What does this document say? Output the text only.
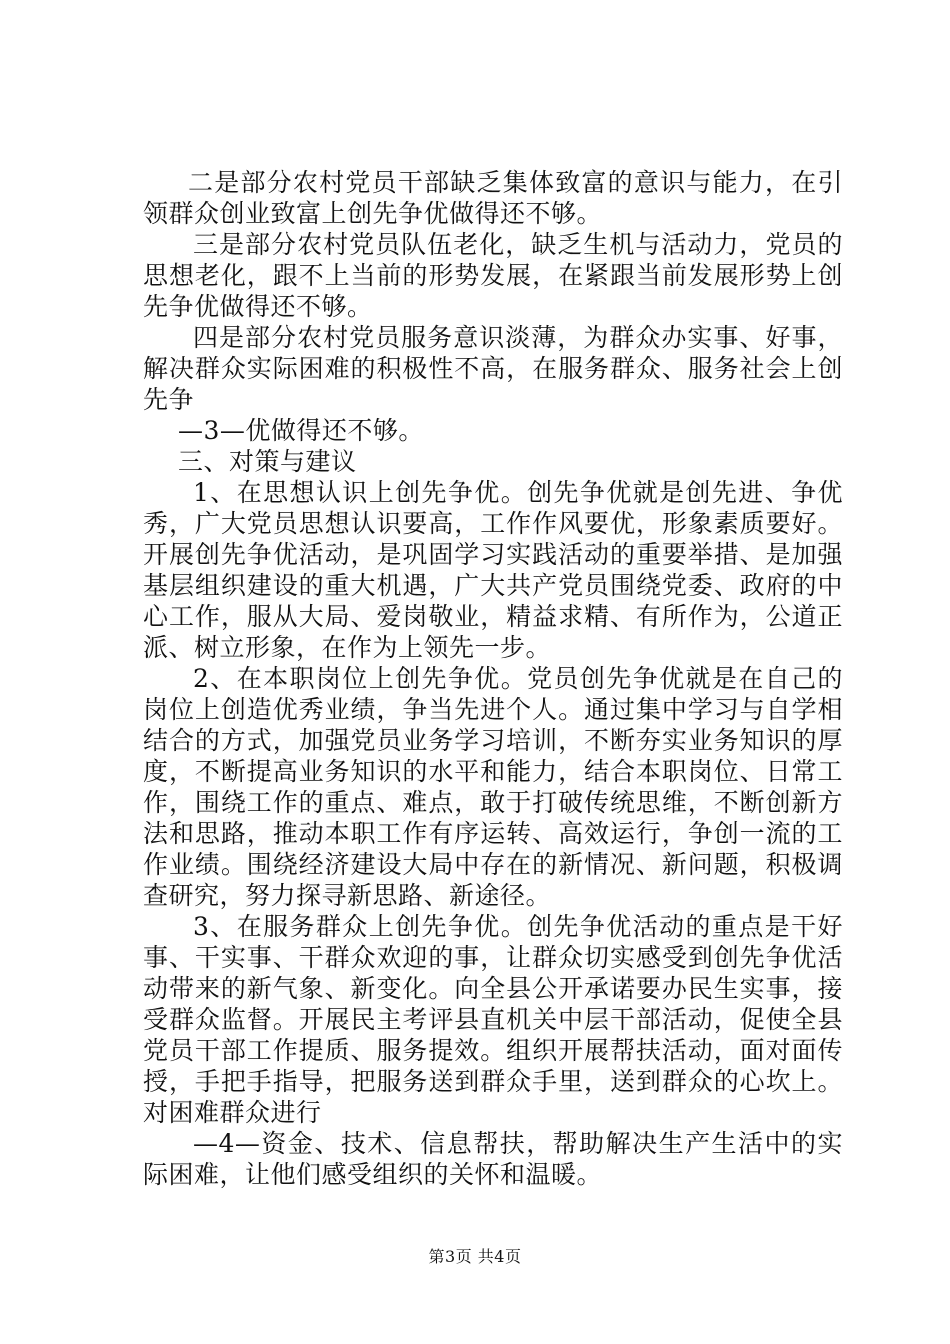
二是部分农村党员干部缺乏集体致富的意识与能力，在引领群众创业致富上创先争优做得还不够。

三是部分农村党员队伍老化，缺乏生机与活动力，党员的思想老化，跟不上当前的形势发展，在紧跟当前发展形势上创先争优做得还不够。

四是部分农村党员服务意识淡薄，为群众办实事、好事，解决群众实际困难的积极性不高，在服务群众、服务社会上创先争

—3—优做得还不够。

三、对策与建议

1、在思想认识上创先争优。创先争优就是创先进、争优秀，广大党员思想认识要高，工作作风要优，形象素质要好。开展创先争优活动，是巩固学习实践活动的重要举措、是加强基层组织建设的重大机遇，广大共产党员围绕党委、政府的中心工作，服从大局、爱岗敬业，精益求精、有所作为，公道正派、树立形象，在作为上领先一步。

2、在本职岗位上创先争优。党员创先争优就是在自己的岗位上创造优秀业绩，争当先进个人。通过集中学习与自学相结合的方式，加强党员业务学习培训，不断夯实业务知识的厚度，不断提高业务知识的水平和能力，结合本职岗位、日常工作，围绕工作的重点、难点，敢于打破传统思维，不断创新方法和思路，推动本职工作有序运转、高效运行，争创一流的工作业绩。围绕经济建设大局中存在的新情况、新问题，积极调查研究，努力探寻新思路、新途径。

3、在服务群众上创先争优。创先争优活动的重点是干好事、干实事、干群众欢迎的事，让群众切实感受到创先争优活动带来的新气象、新变化。向全县公开承诺要办民生实事，接受群众监督。开展民主考评县直机关中层干部活动，促使全县党员干部工作提质、服务提效。组织开展帮扶活动，面对面传授，手把手指导，把服务送到群众手里，送到群众的心坎上。对困难群众进行

—4—资金、技术、信息帮扶，帮助解决生产生活中的实际困难，让他们感受组织的关怀和温暖。

第3页 共4页
